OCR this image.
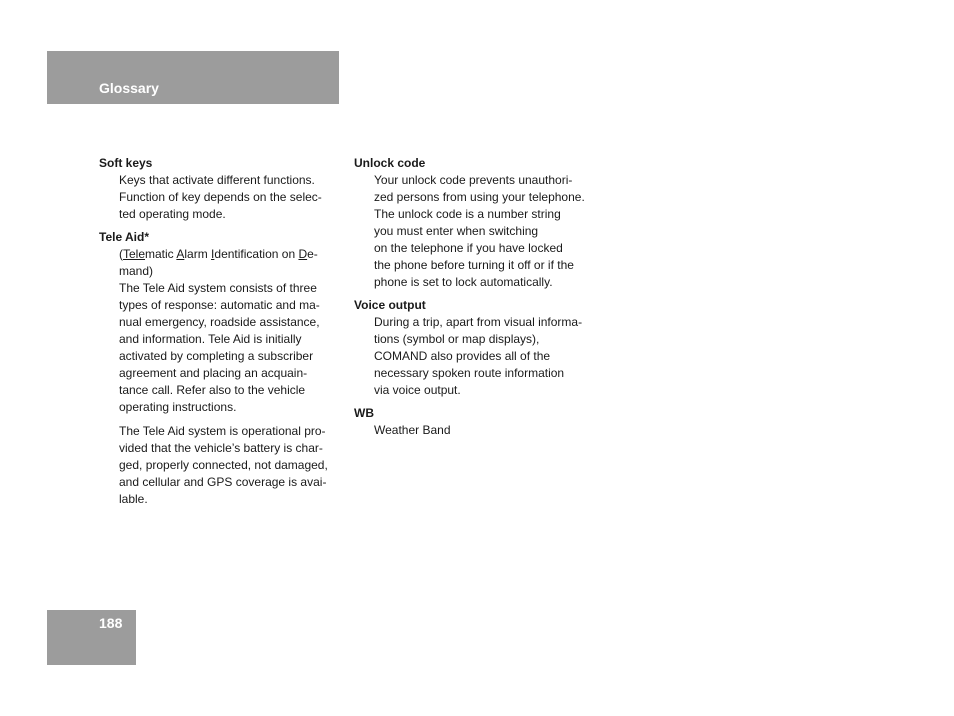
Glossary
Soft keys
Keys that activate different functions.
Function of key depends on the selec-
ted operating mode.
Tele Aid*
(Telematic Alarm Identification on De-
mand)
The Tele Aid system consists of three
types of response: automatic and ma-
nual emergency, roadside assistance,
and information. Tele Aid is initially
activated by completing a subscriber
agreement and placing an acquain-
tance call. Refer also to the vehicle
operating instructions.
The Tele Aid system is operational pro-
vided that the vehicle’s battery is char-
ged, properly connected, not damaged,
and cellular and GPS coverage is avai-
lable.
Unlock code
Your unlock code prevents unauthori-
zed persons from using your telephone.
The unlock code is a number string
you must enter when switching
on the telephone if you have locked
the phone before turning it off or if the
phone is set to lock automatically.
Voice output
During a trip, apart from visual informa-
tions (symbol or map displays),
COMAND also provides all of the
necessary spoken route information
via voice output.
WB
Weather Band
188
